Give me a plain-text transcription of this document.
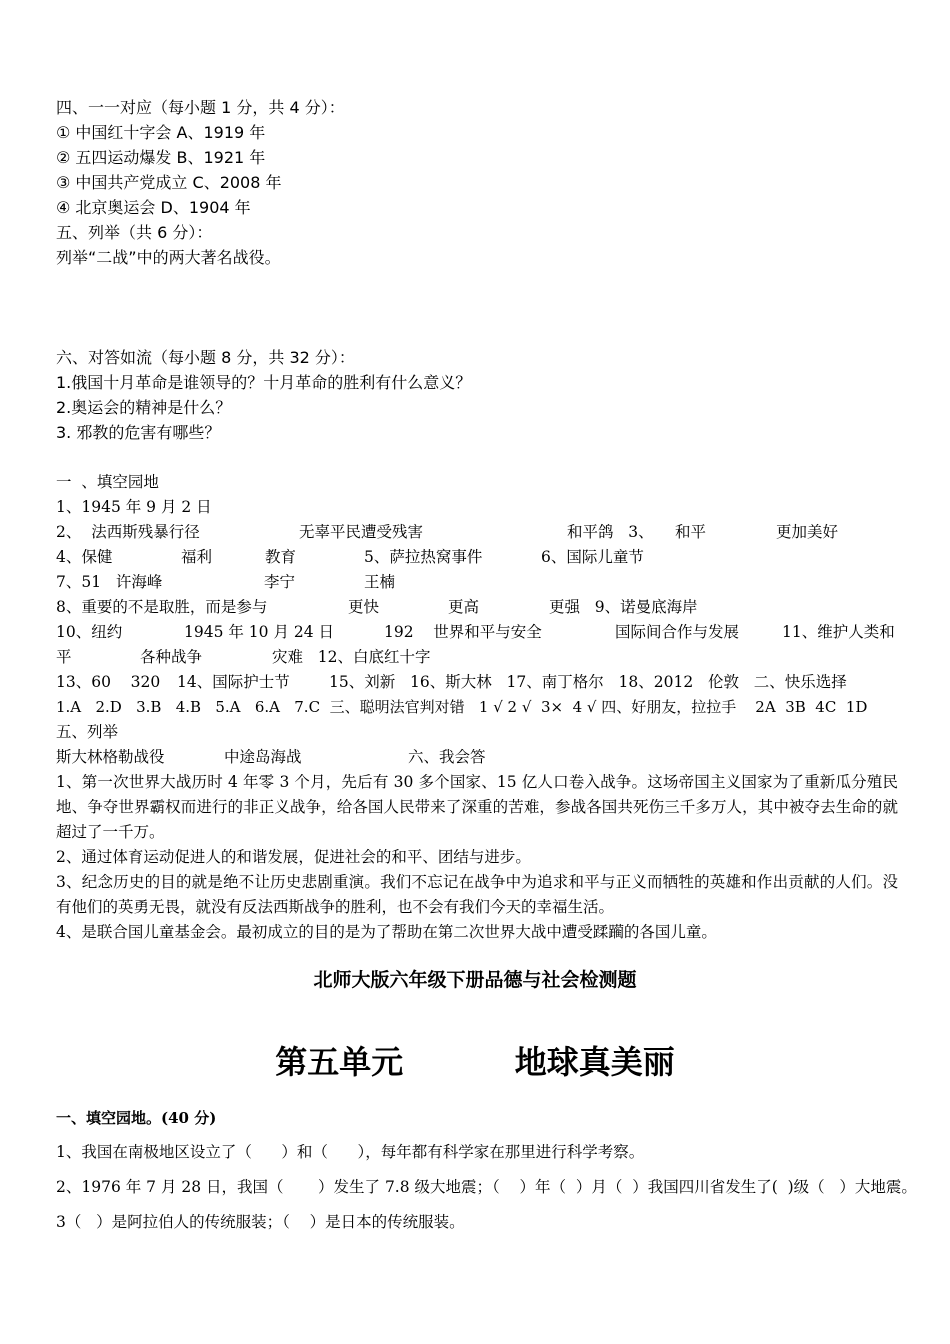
四、一一对应（每小题 1 分，共 4 分）：
① 中国红十字会 A、1919 年
② 五四运动爆发 B、1921 年
③ 中国共产党成立 C、2008 年
④ 北京奥运会 D、1904 年
五、列举（共 6 分）：
列举“二战”中的两大著名战役。
六、对答如流（每小题 8 分，共 32 分）：
1.俄国十月革命是谁领导的？十月革命的胜利有什么意义？
2.奥运会的精神是什么？
3. 邪教的危害有哪些？
一  、填空园地
1、1945 年 9 月 2 日
2、  法西斯残暴行径	无辜平民遭受残害	和平鸽   3、	和平	更加美好
4、保健	福利	教育	5、萨拉热窝事件	6、国际儿童节
7、51   许海峰	李宁	王楠
8、重要的不是取胜，而是参与	更快	更高	更强   9、诺曼底海岸
10、纽约	1945 年 10 月 24 日	192    世界和平与安全	国际间合作与发展	11、维护人类和
平	各种战争	灾难   12、白底红十字
13、60    320	14、国际护士节	15、刘新   16、斯大林   17、南丁格尔   18、2012   伦敦   二、快乐选择
1.A   2.D   3.B   4.B   5.A   6.A   7.C  三、聪明法官判对错   1 √ 2 √  3×  4 √ 四、好朋友，拉拉手    2A  3B  4C  1D
五、列举
斯大林格勒战役	中途岛海战	六、我会答
1、第一次世界大战历时 4 年零 3 个月，先后有 30 多个国家、15 亿人口卷入战争。这场帝国主义国家为了重新瓜分殖民地、争夺世界霸权而进行的非正义战争，给各国人民带来了深重的苦难，参战各国共死伤三千多万人，其中被夺去生命的就超过了一千万。
2、通过体育运动促进人的和谐发展，促进社会的和平、团结与进步。
3、纪念历史的目的就是绝不让历史悲剧重演。我们不忘记在战争中为追求和平与正义而牺牲的英雄和作出贡献的人们。没有他们的英勇无畏，就没有反法西斯战争的胜利，也不会有我们今天的幸福生活。
4、是联合国儿童基金会。最初成立的目的是为了帮助在第二次世界大战中遭受蹂躏的各国儿童。
北师大版六年级下册品德与社会检测题
第五单元          地球真美丽
一、填空园地。(40 分)
1、我国在南极地区设立了（      ）和（      ），每年都有科学家在那里进行科学考察。
2、1976 年 7 月 28 日，我国（       ）发生了 7.8 级大地震；（    ）年（  ）月（  ）我国四川省发生了(  )级（   ）大地震。
3（   ）是阿拉伯人的传统服装；（    ）是日本的传统服装。
